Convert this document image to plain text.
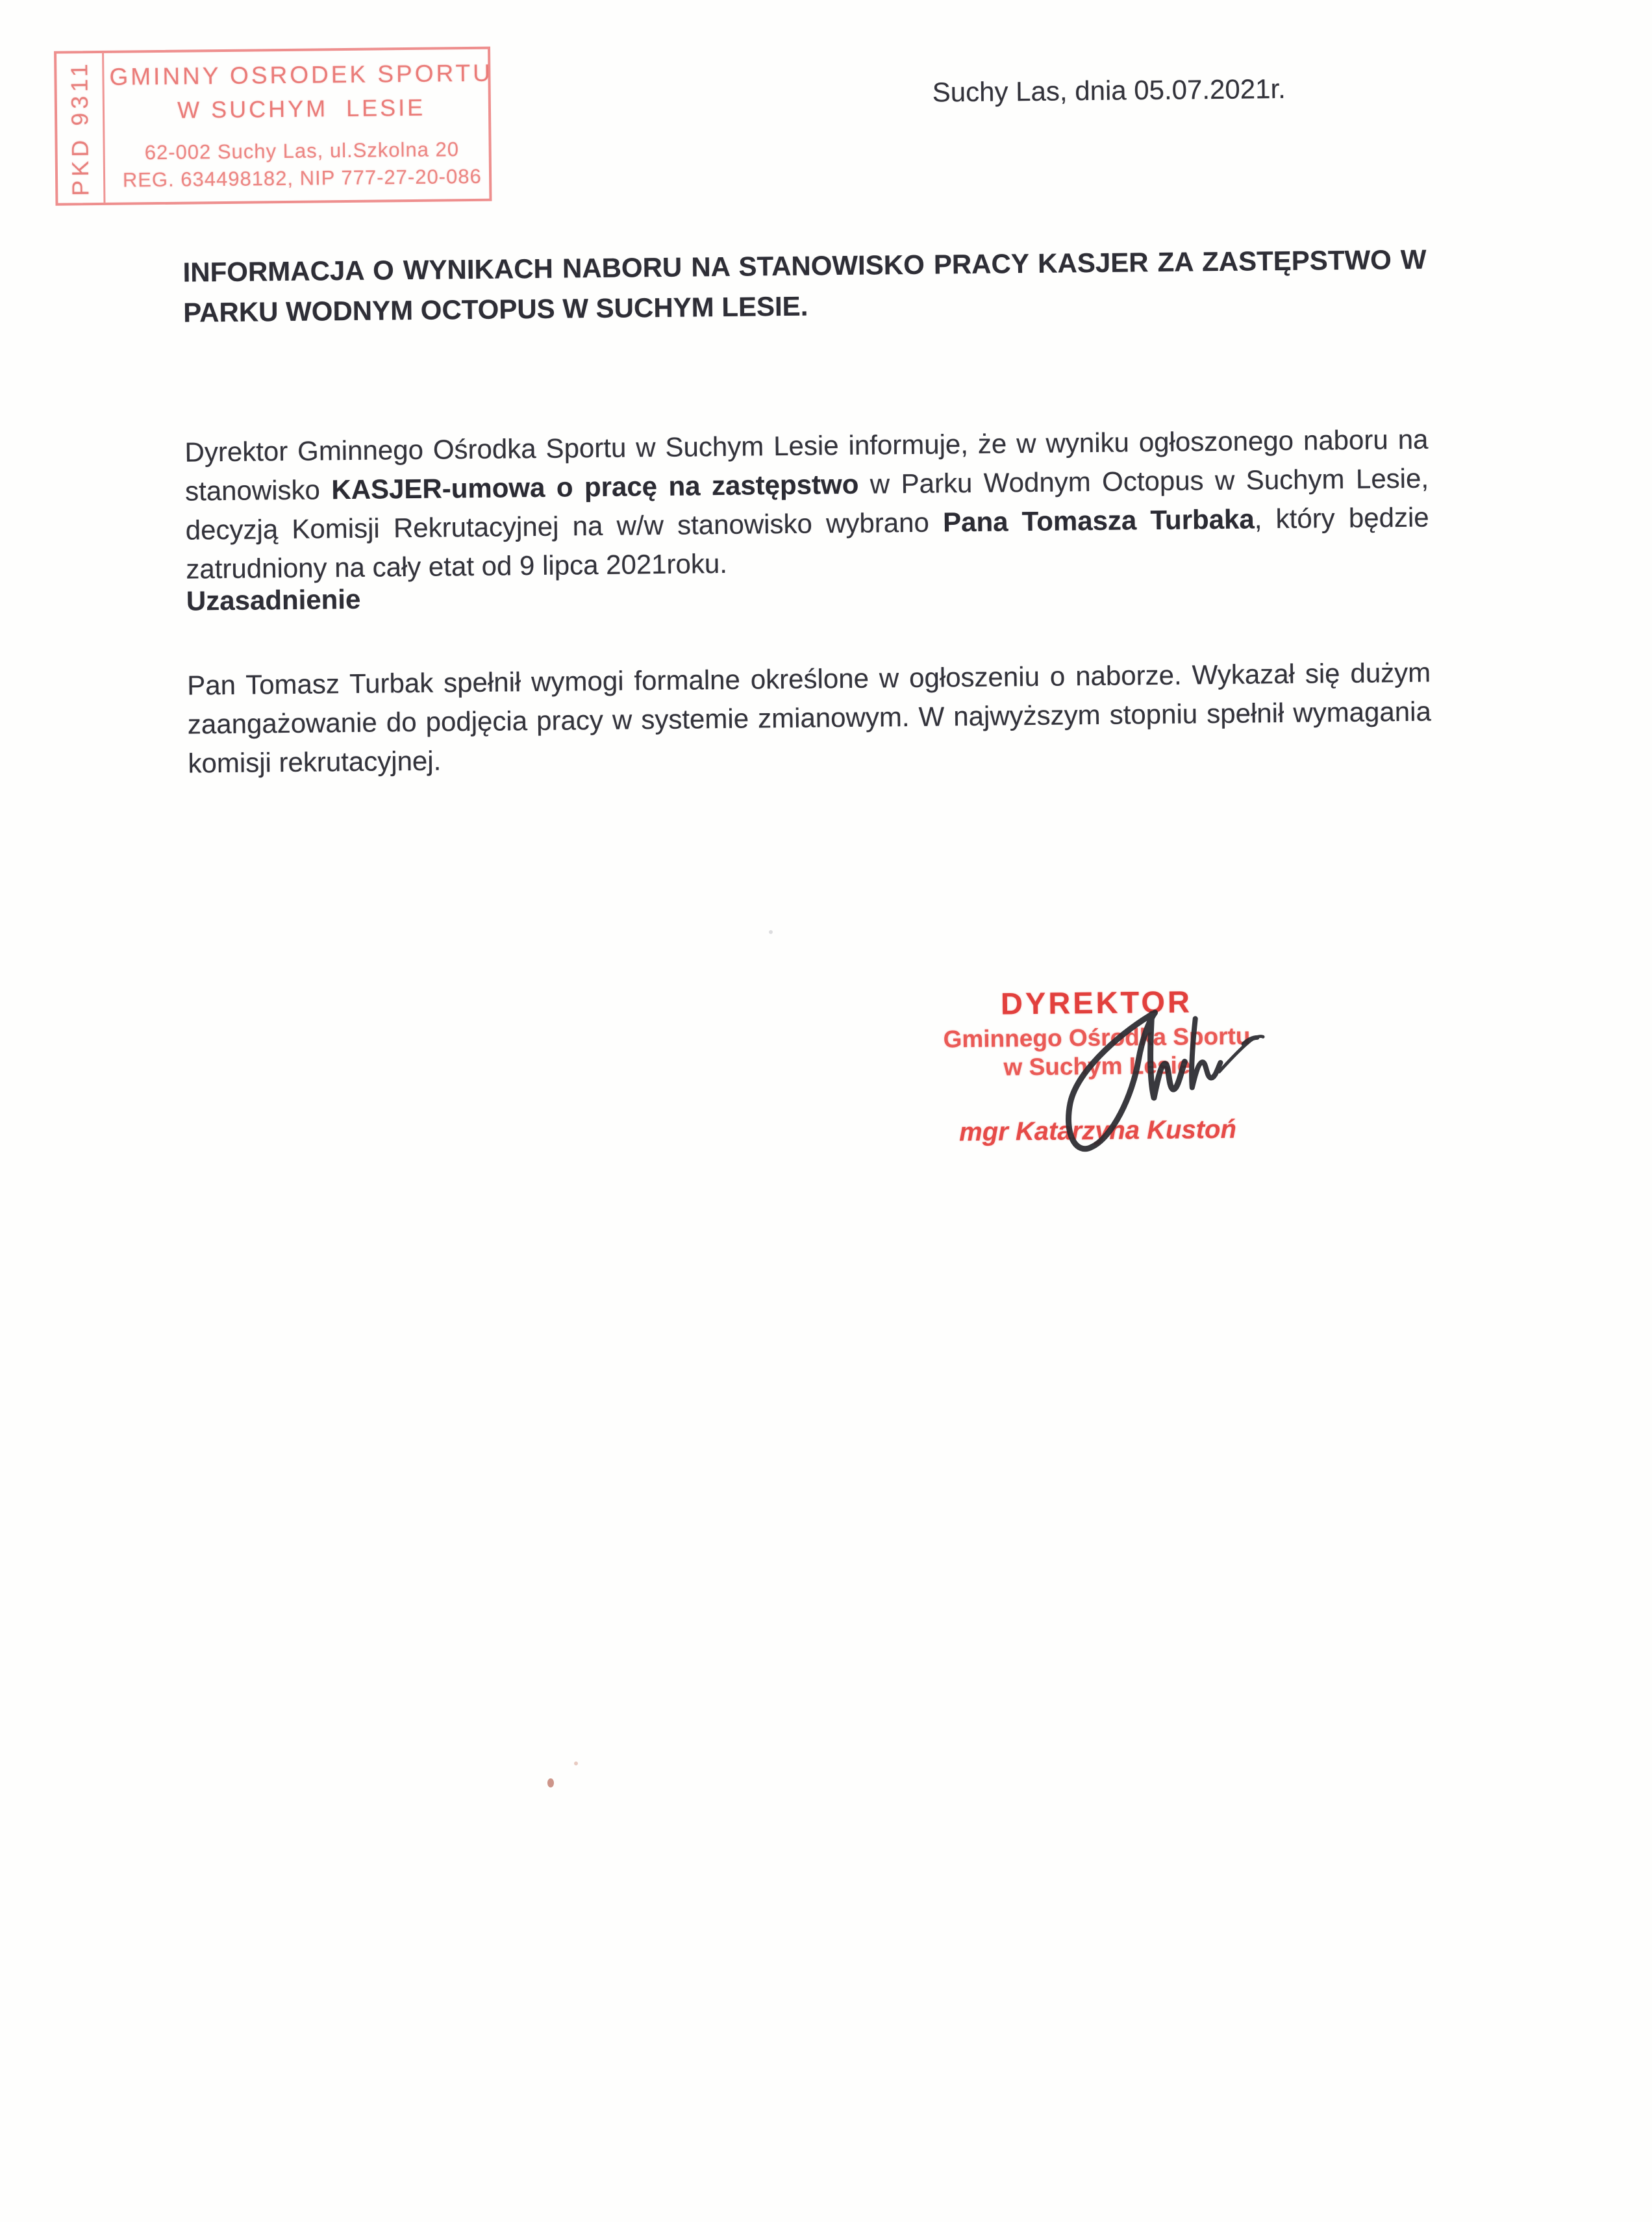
PKD 9311 GMINNY OSRODEK SPORTU
W SUCHYM  LESIE
62-002 Suchy Las, ul.Szkolna 20
REG. 634498182, NIP 777-27-20-086
Suchy Las, dnia 05.07.2021r.
INFORMACJA O WYNIKACH NABORU NA STANOWISKO PRACY KASJER ZA ZASTĘPSTWO W PARKU WODNYM OCTOPUS W SUCHYM LESIE.

Dyrektor Gminnego Ośrodka Sportu w Suchym Lesie informuje, że w wyniku ogłoszonego naboru na stanowisko KASJER-umowa o pracę na zastępstwo w Parku Wodnym Octopus w Suchym Lesie, decyzją Komisji Rekrutacyjnej na w/w stanowisko wybrano Pana Tomasza Turbaka, który będzie zatrudniony na cały etat od 9 lipca 2021roku.

Uzasadnienie

Pan Tomasz Turbak spełnił wymogi formalne określone w ogłoszeniu o naborze. Wykazał się dużym zaangażowanie do podjęcia pracy w systemie zmianowym. W najwyższym stopniu spełnił wymagania komisji rekrutacyjnej.

DYREKTOR
Gminnego Ośrodka Sportu
w Suchym Lesie
mgr Katarzyna Kustoń
